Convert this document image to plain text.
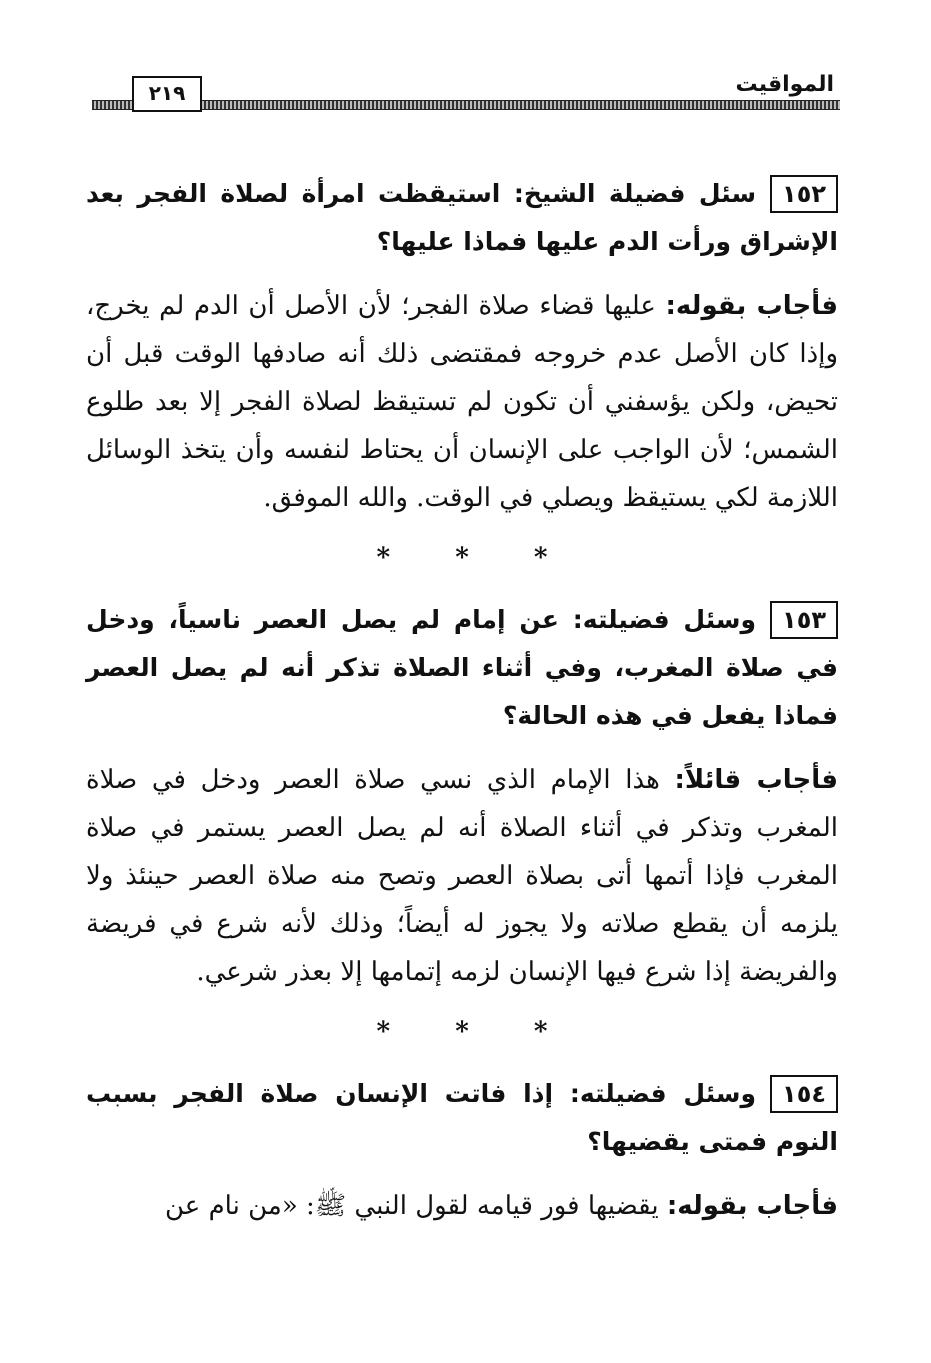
٢١٩	المواقيت

١٥٢سئل فضيلة الشيخ: استيقظت امرأة لصلاة الفجر بعد الإشراق ورأت الدم عليها فماذا عليها؟

فأجاب بقوله: عليها قضاء صلاة الفجر؛ لأن الأصل أن الدم لم يخرج، وإذا كان الأصل عدم خروجه فمقتضى ذلك أنه صادفها الوقت قبل أن تحيض، ولكن يؤسفني أن تكون لم تستيقظ لصلاة الفجر إلا بعد طلوع الشمس؛ لأن الواجب على الإنسان أن يحتاط لنفسه وأن يتخذ الوسائل اللازمة لكي يستيقظ ويصلي في الوقت. والله الموفق.

* * *

١٥٣وسئل فضيلته: عن إمام لم يصل العصر ناسياً، ودخل في صلاة المغرب، وفي أثناء الصلاة تذكر أنه لم يصل العصر فماذا يفعل في هذه الحالة؟

فأجاب قائلاً: هذا الإمام الذي نسي صلاة العصر ودخل في صلاة المغرب وتذكر في أثناء الصلاة أنه لم يصل العصر يستمر في صلاة المغرب فإذا أتمها أتى بصلاة العصر وتصح منه صلاة العصر حينئذ ولا يلزمه أن يقطع صلاته ولا يجوز له أيضاً؛ وذلك لأنه شرع في فريضة والفريضة إذا شرع فيها الإنسان لزمه إتمامها إلا بعذر شرعي.

* * *

١٥٤وسئل فضيلته: إذا فاتت الإنسان صلاة الفجر بسبب النوم فمتى يقضيها؟

فأجاب بقوله: يقضيها فور قيامه لقول النبي ﷺ: «من نام عن
